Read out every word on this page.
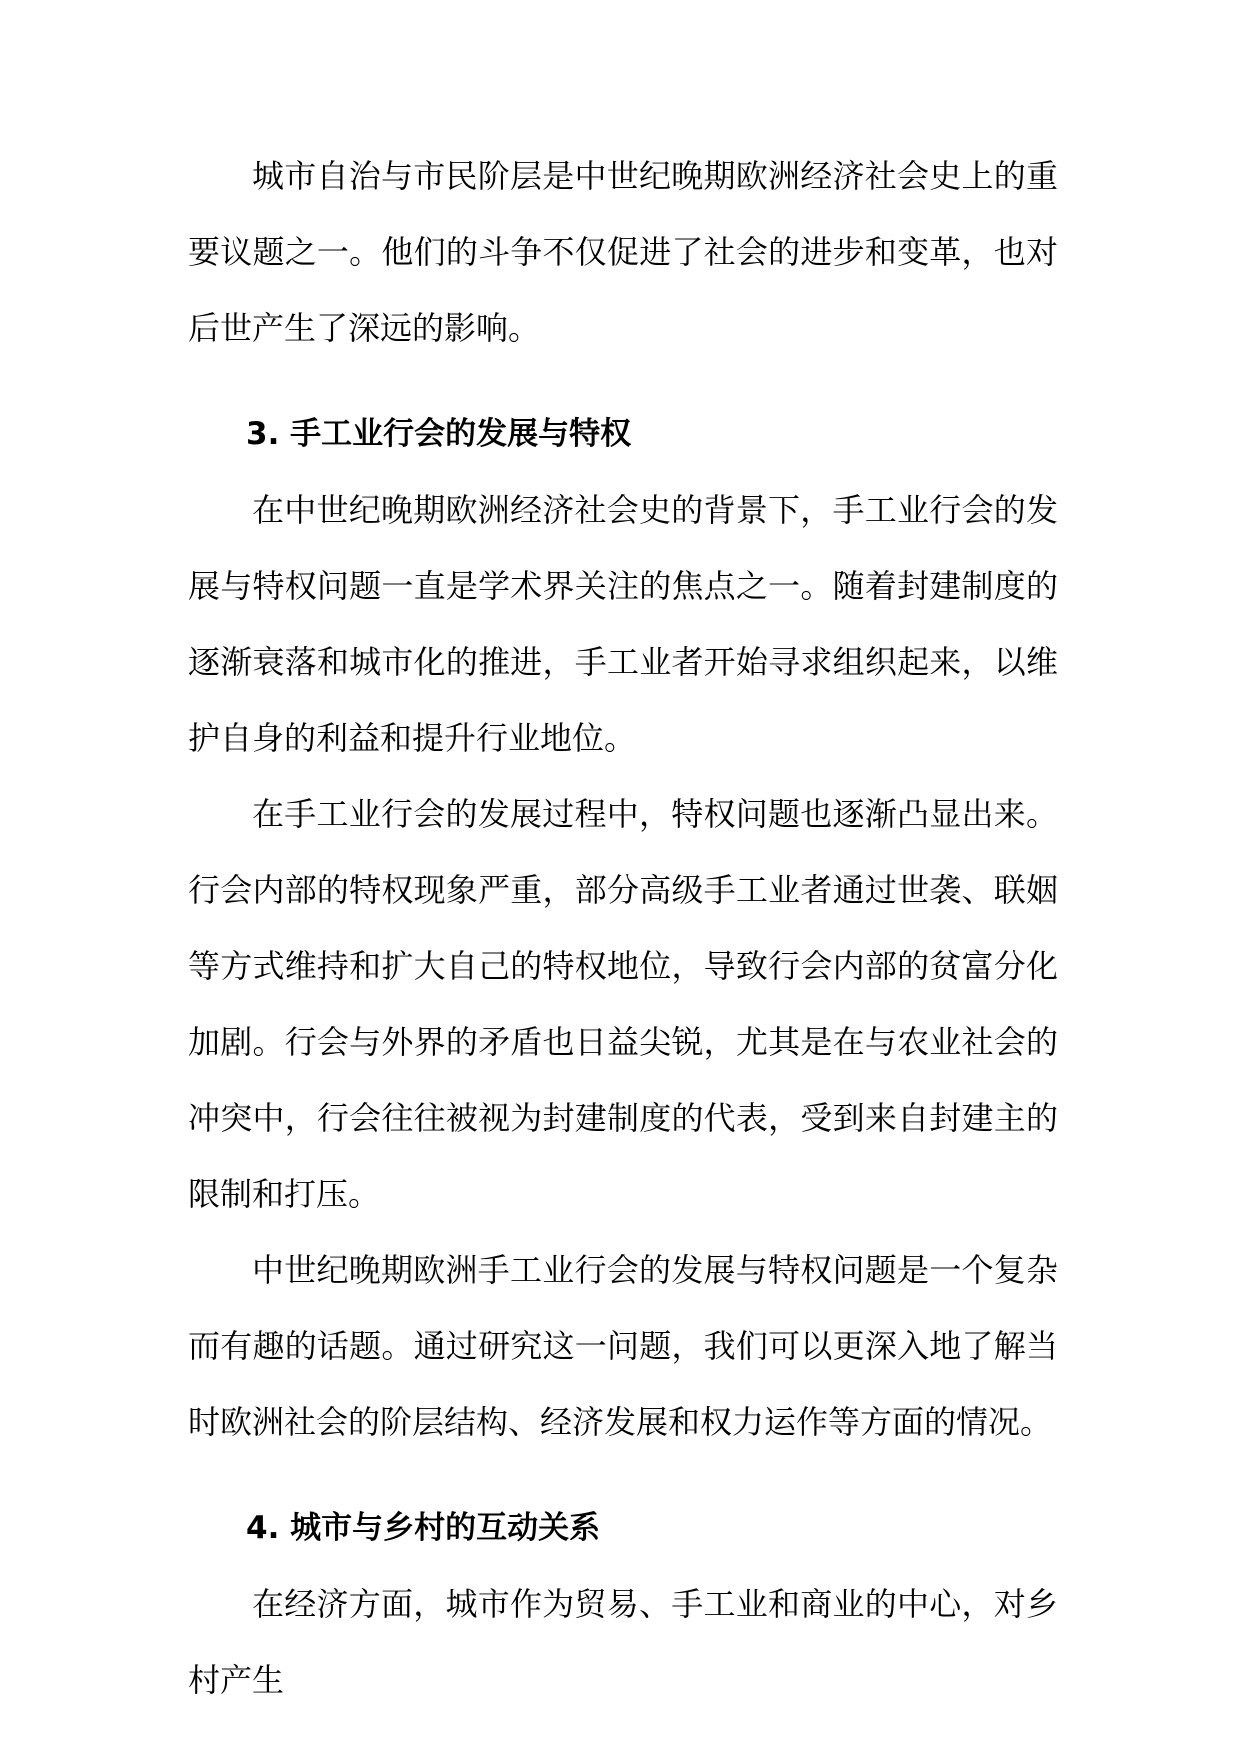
城市自治与市民阶层是中世纪晚期欧洲经济社会史上的重要议题之一。他们的斗争不仅促进了社会的进步和变革，也对后世产生了深远的影响。

3. 手工业行会的发展与特权

在中世纪晚期欧洲经济社会史的背景下，手工业行会的发展与特权问题一直是学术界关注的焦点之一。随着封建制度的逐渐衰落和城市化的推进，手工业者开始寻求组织起来，以维护自身的利益和提升行业地位。

在手工业行会的发展过程中，特权问题也逐渐凸显出来。行会内部的特权现象严重，部分高级手工业者通过世袭、联姻等方式维持和扩大自己的特权地位，导致行会内部的贫富分化加剧。行会与外界的矛盾也日益尖锐，尤其是在与农业社会的冲突中，行会往往被视为封建制度的代表，受到来自封建主的限制和打压。

中世纪晚期欧洲手工业行会的发展与特权问题是一个复杂而有趣的话题。通过研究这一问题，我们可以更深入地了解当时欧洲社会的阶层结构、经济发展和权力运作等方面的情况。

4. 城市与乡村的互动关系

在经济方面，城市作为贸易、手工业和商业的中心，对乡村产生
